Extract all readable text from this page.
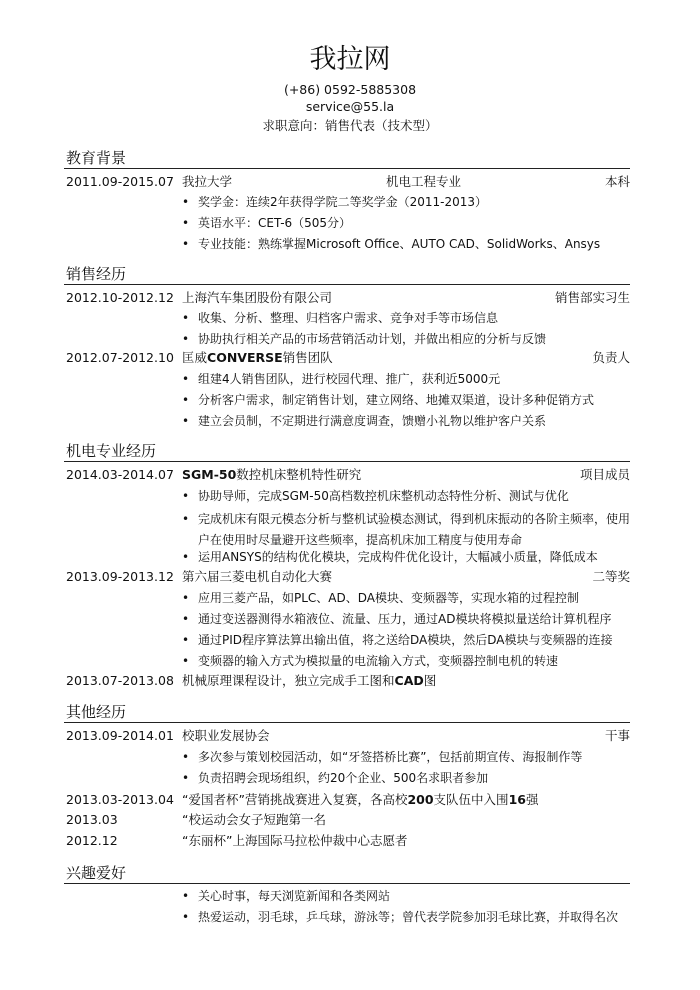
我拉网
(+86) 0592-5885308
service@55.la
求职意向：销售代表（技术型）
教育背景
2011.09-2015.07 我拉大学	机电工程专业	本科
• 奖学金：连续2年获得学院二等奖学金（2011-2013）
• 英语水平：CET-6（505分）
• 专业技能：熟练掌握Microsoft Office、AUTO CAD、SolidWorks、Ansys
销售经历
2012.10-2012.12 上海汽车集团股份有限公司	销售部实习生
• 收集、分析、整理、归档客户需求、竞争对手等市场信息
• 协助执行相关产品的市场营销活动计划，并做出相应的分析与反馈
2012.07-2012.10 匡威CONVERSE销售团队	负责人
• 组建4人销售团队，进行校园代理、推广，获利近5000元
• 分析客户需求，制定销售计划，建立网络、地摊双渠道，设计多种促销方式
• 建立会员制，不定期进行满意度调查，馈赠小礼物以维护客户关系
机电专业经历
2014.03-2014.07 SGM-50数控机床整机特性研究	项目成员
• 协助导师，完成SGM-50高档数控机床整机动态特性分析、测试与优化
• 完成机床有限元模态分析与整机试验模态测试，得到机床振动的各阶主频率，使用户在使用时尽量避开这些频率，提高机床加工精度与使用寿命
• 运用ANSYS的结构优化模块，完成构件优化设计，大幅减小质量，降低成本
2013.09-2013.12 第六届三菱电机自动化大赛	二等奖
• 应用三菱产品，如PLC、AD、DA模块、变频器等，实现水箱的过程控制
• 通过变送器测得水箱液位、流量、压力，通过AD模块将模拟量送给计算机程序
• 通过PID程序算法算出输出值，将之送给DA模块，然后DA模块与变频器的连接
• 变频器的输入方式为模拟量的电流输入方式，变频器控制电机的转速
2013.07-2013.08 机械原理课程设计，独立完成手工图和CAD图
其他经历
2013.09-2014.01 校职业发展协会	干事
• 多次参与策划校园活动，如“牙签搭桥比赛”，包括前期宣传、海报制作等
• 负责招聘会现场组织，约20个企业、500名求职者参加
2013.03-2013.04 “爱国者杯”营销挑战赛进入复赛，各高校200支队伍中入围16强
2013.03	“校运动会女子短跑第一名
2012.12	“东丽杯”上海国际马拉松仲裁中心志愿者
兴趣爱好
• 关心时事，每天浏览新闻和各类网站
• 热爱运动，羽毛球，乒乓球，游泳等；曾代表学院参加羽毛球比赛，并取得名次
